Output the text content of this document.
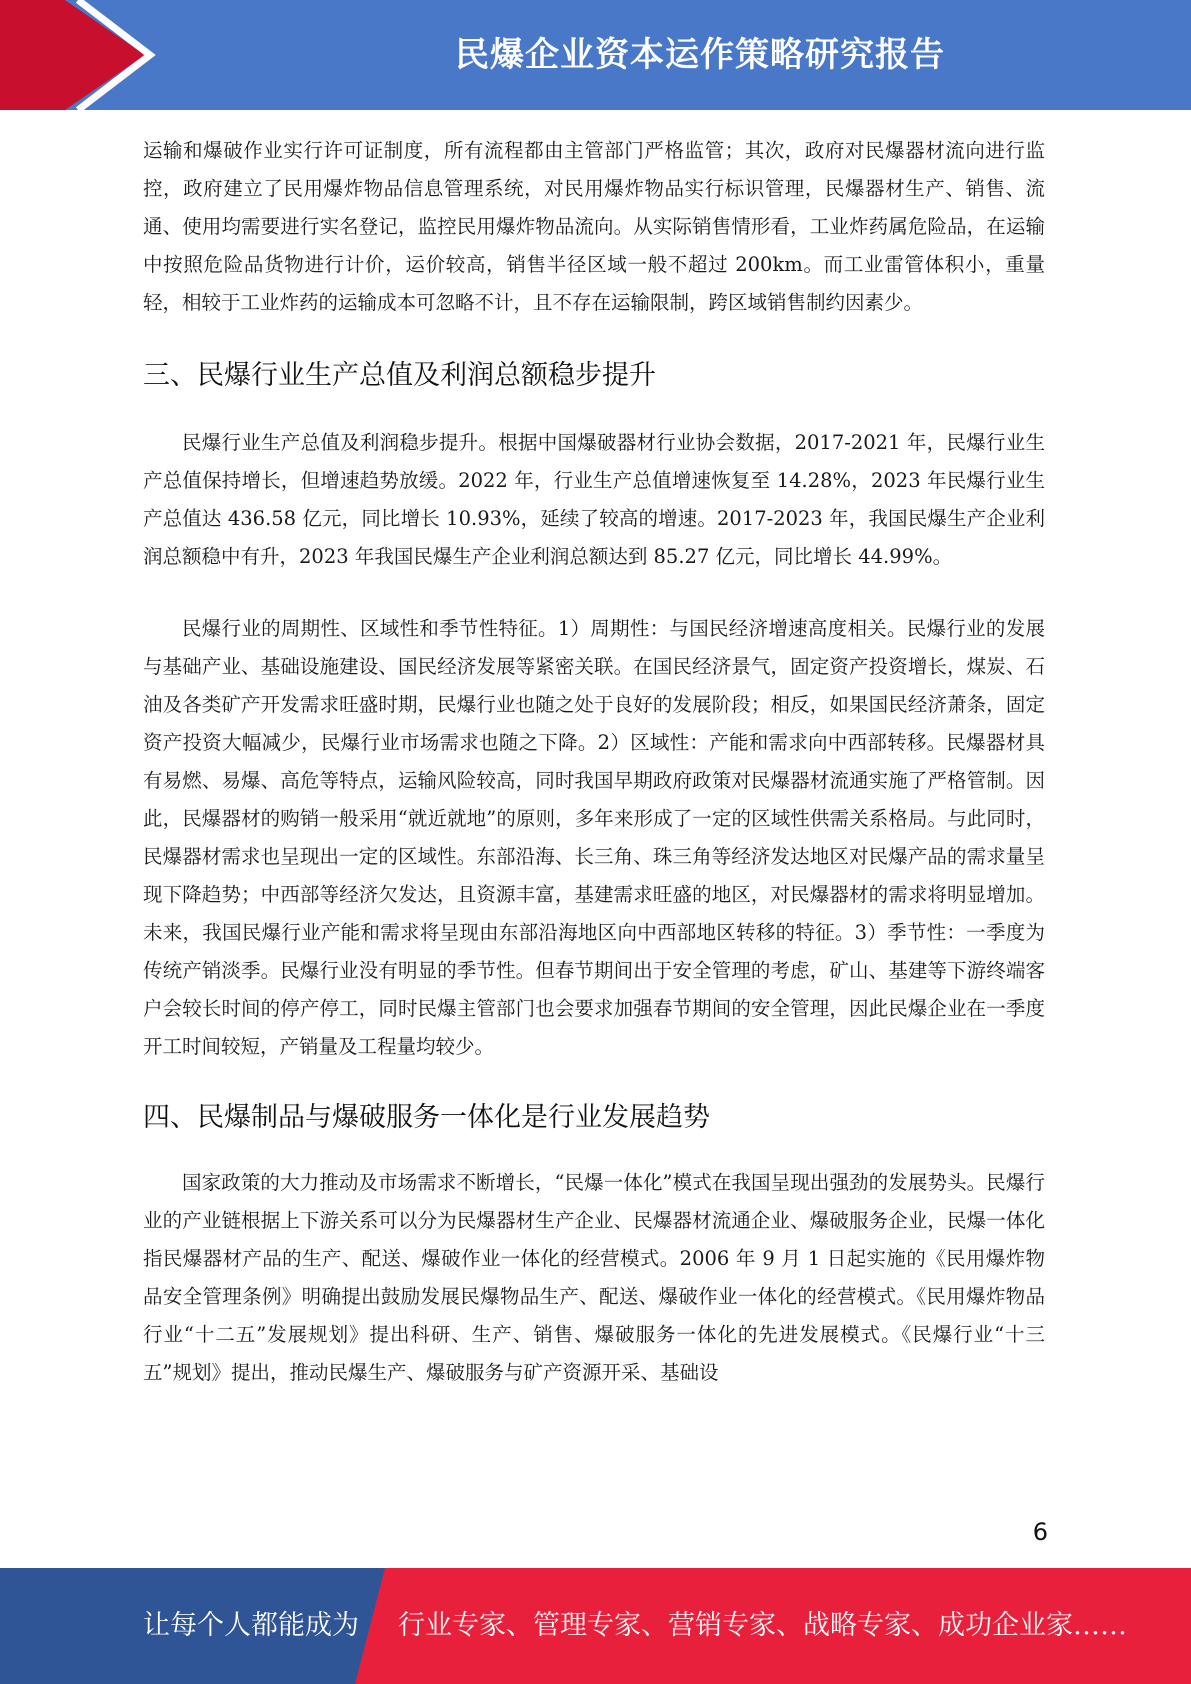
民爆企业资本运作策略研究报告

运输和爆破作业实行许可证制度，所有流程都由主管部门严格监管；其次，政府对民爆器材流向进行监控，政府建立了民用爆炸物品信息管理系统，对民用爆炸物品实行标识管理，民爆器材生产、销售、流通、使用均需要进行实名登记，监控民用爆炸物品流向。从实际销售情形看，工业炸药属危险品，在运输中按照危险品货物进行计价，运价较高，销售半径区域一般不超过 200km。而工业雷管体积小，重量轻，相较于工业炸药的运输成本可忽略不计，且不存在运输限制，跨区域销售制约因素少。

三、民爆行业生产总值及利润总额稳步提升

民爆行业生产总值及利润稳步提升。根据中国爆破器材行业协会数据，2017-2021 年，民爆行业生产总值保持增长，但增速趋势放缓。2022 年，行业生产总值增速恢复至 14.28%，2023 年民爆行业生产总值达 436.58 亿元，同比增长 10.93%，延续了较高的增速。2017-2023 年，我国民爆生产企业利润总额稳中有升，2023 年我国民爆生产企业利润总额达到 85.27 亿元，同比增长 44.99%。

民爆行业的周期性、区域性和季节性特征。1）周期性：与国民经济增速高度相关。民爆行业的发展与基础产业、基础设施建设、国民经济发展等紧密关联。在国民经济景气，固定资产投资增长，煤炭、石油及各类矿产开发需求旺盛时期，民爆行业也随之处于良好的发展阶段；相反，如果国民经济萧条，固定资产投资大幅减少，民爆行业市场需求也随之下降。2）区域性：产能和需求向中西部转移。民爆器材具有易燃、易爆、高危等特点，运输风险较高，同时我国早期政府政策对民爆器材流通实施了严格管制。因此，民爆器材的购销一般采用“就近就地”的原则，多年来形成了一定的区域性供需关系格局。与此同时，民爆器材需求也呈现出一定的区域性。东部沿海、长三角、珠三角等经济发达地区对民爆产品的需求量呈现下降趋势；中西部等经济欠发达，且资源丰富，基建需求旺盛的地区，对民爆器材的需求将明显增加。未来，我国民爆行业产能和需求将呈现由东部沿海地区向中西部地区转移的特征。3）季节性：一季度为传统产销淡季。民爆行业没有明显的季节性。但春节期间出于安全管理的考虑，矿山、基建等下游终端客户会较长时间的停产停工，同时民爆主管部门也会要求加强春节期间的安全管理，因此民爆企业在一季度开工时间较短，产销量及工程量均较少。

四、民爆制品与爆破服务一体化是行业发展趋势

国家政策的大力推动及市场需求不断增长，“民爆一体化”模式在我国呈现出强劲的发展势头。民爆行业的产业链根据上下游关系可以分为民爆器材生产企业、民爆器材流通企业、爆破服务企业，民爆一体化指民爆器材产品的生产、配送、爆破作业一体化的经营模式。2006 年 9 月 1 日起实施的《民用爆炸物品安全管理条例》明确提出鼓励发展民爆物品生产、配送、爆破作业一体化的经营模式。《民用爆炸物品行业“十二五”发展规划》提出科研、生产、销售、爆破服务一体化的先进发展模式。《民爆行业“十三五”规划》提出，推动民爆生产、爆破服务与矿产资源开采、基础设

6
让每个人都能成为 行业专家、管理专家、营销专家、战略专家、成功企业家……
